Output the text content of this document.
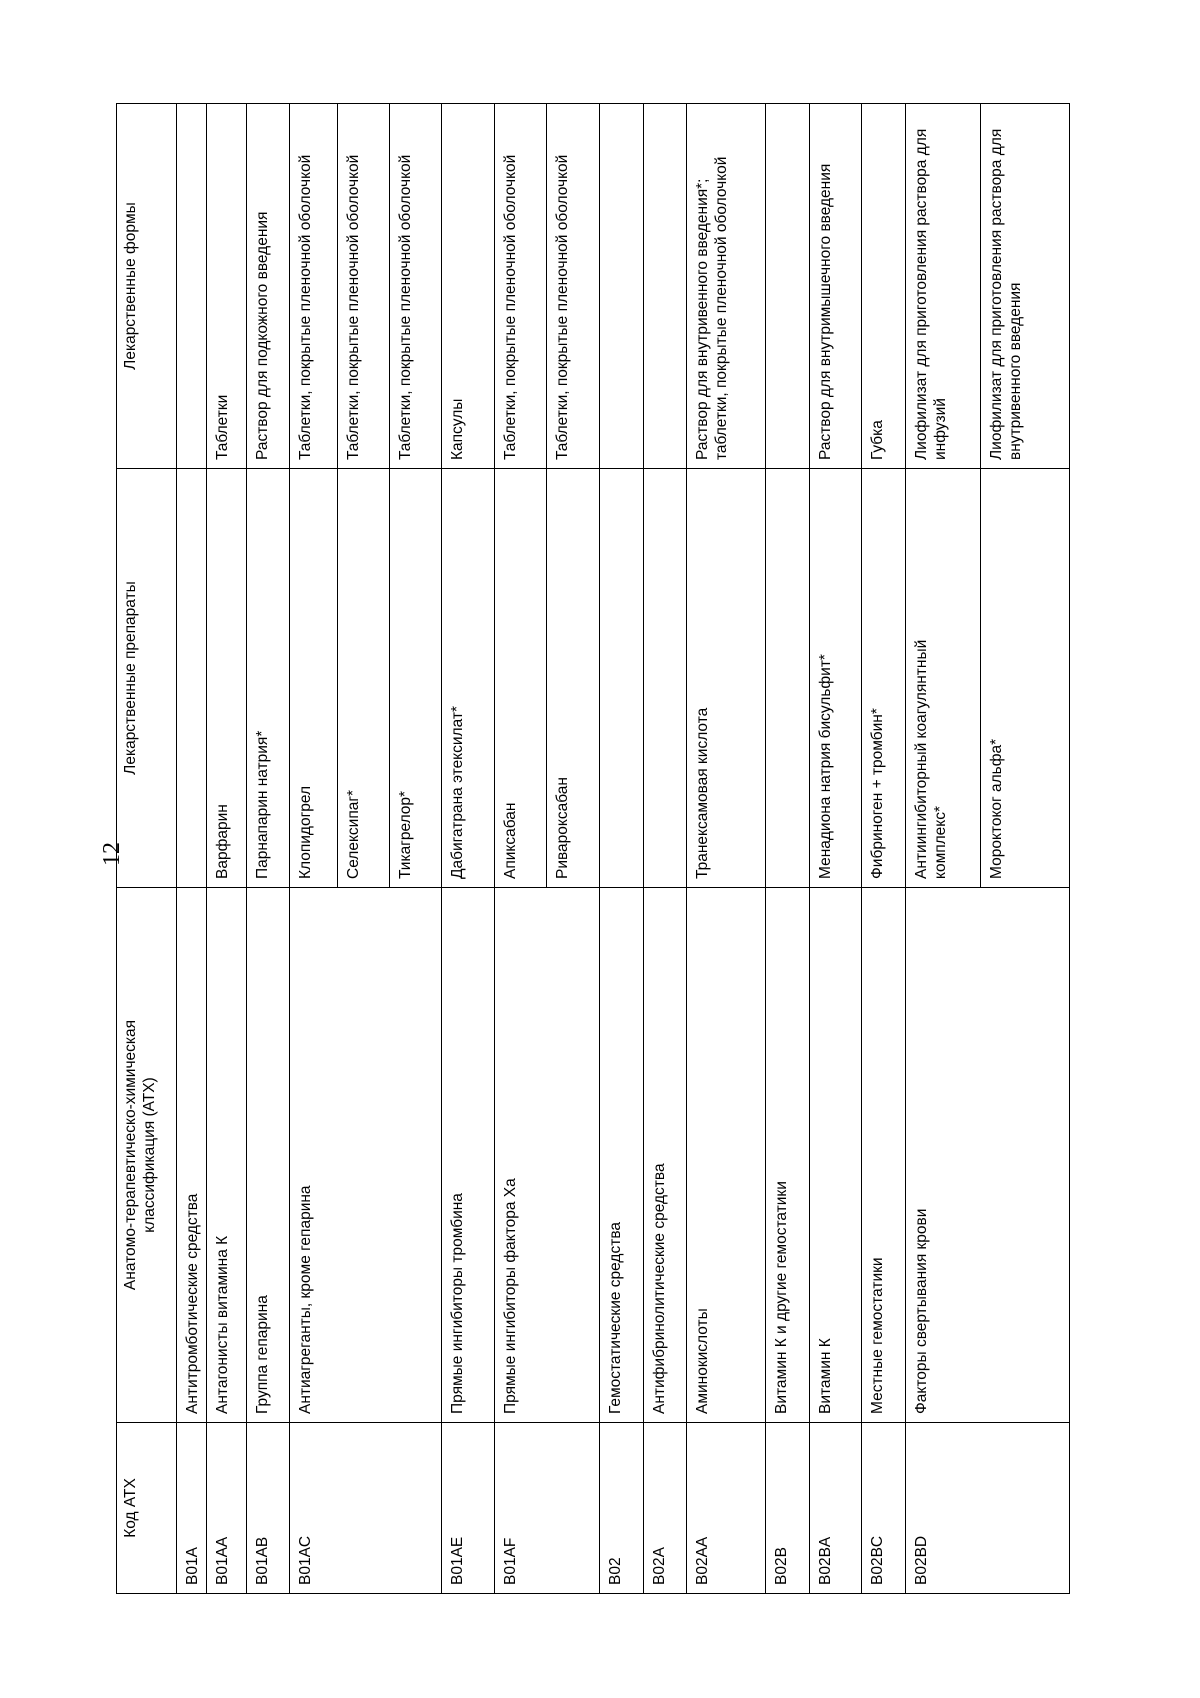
12
Код АТХ	Анатомо-терапевтическо-химическая классификация (АТХ)	Лекарственные препараты	Лекарственные формы
B01A	Антитромботические средства		
B01AA	Антагонисты витамина К	Варфарин	Таблетки
B01AB	Группа гепарина	Парнапарин натрия*	Раствор для подкожного введения
B01AC	Антиагреганты, кроме гепарина	Клопидогрел	Таблетки, покрытые пленочной оболочкой
		Селексипаг*	Таблетки, покрытые пленочной оболочкой
		Тикагрелор*	Таблетки, покрытые пленочной оболочкой
B01AE	Прямые ингибиторы тромбина	Дабигатрана этексилат*	Капсулы
B01AF	Прямые ингибиторы фактора Ха	Апиксабан	Таблетки, покрытые пленочной оболочкой
		Ривароксабан	Таблетки, покрытые пленочной оболочкой
B02	Гемостатические средства		
B02A	Антифибринолитические средства		
B02AA	Аминокислоты	Транексамовая кислота	Раствор для внутривенного введения*; таблетки, покрытые пленочной оболочкой

B02B	Витамин К и другие гемостатики		
B02BA	Витамин К	Менадиона натрия бисульфит*	Раствор для внутримышечного введения
B02BC	Местные гемостатики	Фибриноген + тромбин*	Губка
B02BD	Факторы свертывания крови	Антиингибиторный коагулянтный комплекс*	Лиофилизат для приготовления раствора для инфузий

		Мороктоког альфа*	Лиофилизат для приготовления раствора для внутривенного введения
